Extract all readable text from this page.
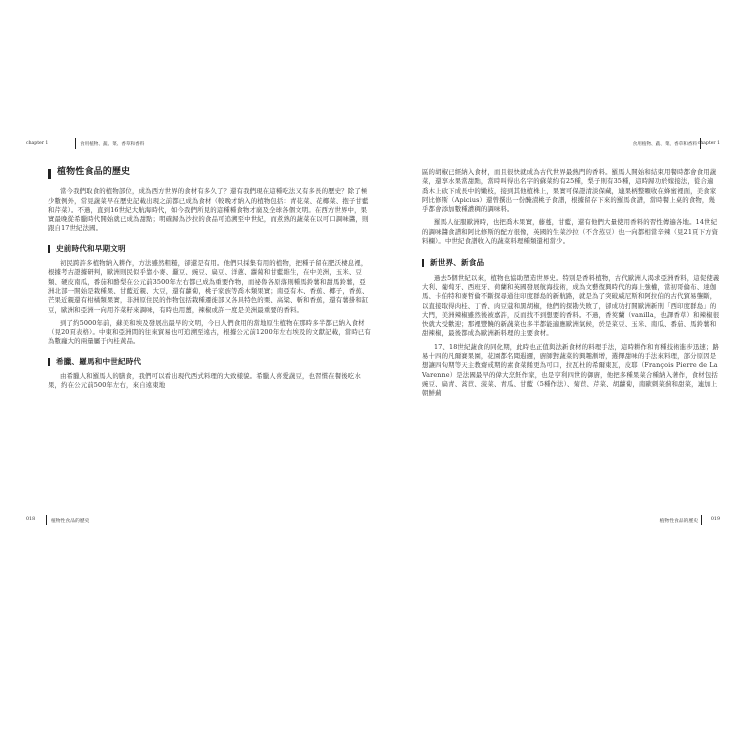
chapter 1	食用植物、蔬、菜、香草和香料
植物性食品的歷史

當今我們取食的植物部位，成為西方世界的食材有多久了？還有我們現在這種吃法又有多長的歷史？除了極少數例外，常見蔬菜早在歷史記載出現之前都已成為食材（較晚才納入的植物包括：青花菜、花椰菜、抱子甘藍和芹菜）。不過，直到16世紀大航海時代，如今我們所見的這種種食物才廣及全球各個文明。在西方世界中，果實最晚從希臘時代開始就已成為甜點；明確歸為沙拉的食品可追溯至中世紀，而煮熟的蔬菜在以可口調味醬，則跟自17世紀法國。

史前時代和早期文明

初民跨許多植物納入耕作，方法雖然粗糙，卻還是有用。他們只採集有用的植物，把種子留在肥沃棲息裡，根據考古證據研判，歐洲則民似乎靠小麥、蠶豆、豌豆、扁豆、洋蔥、蘿蔔和甘藍維生，在中美洲，玉米、豆類、硬皮南瓜，番茄和酪梨在公元前3500年左右都已成為重要作物，而祕魯各原落則種馬鈴薯和甜馬鈴薯，亞洲北部一開始是栽種果、甘藍近親、大豆，還有蘿蔔，桃子家族等喬木類果實；南亞有木、香蕉、椰子，香蕉、芒果近親還有柑橘類果實，非洲原住民的作物包括栽種遷徙部又各具特色的栗、高粱、斬和香蕉，還有薯掛和缸豆，歐洲和亞洲一向用芥菜籽來調味，有時也用薑，辣椒或許一度是美洲最重要的香料。

到了約5000年前，蘇美和埃及發展出最早的文明，今日人們食用的當地原生植物在那時多半都已納入食材（見20頁表格）。中東和亞洲間的往來貿易也可追溯至遠古，根據公元前1200年左右埃及的文獻記載，當時已有為數龐大的兩量屬于內桂黃品。

希臘、羅馬和中世紀時代

由希臘人和羅馬人的膳食，我們可以看出現代西式料理的大致樣貌。希臘人喜愛蔬豆，也習慣在餐後吃水果，約在公元前500年左右，來自遠東地

018	植物性食品的歷史
食用植物、蔬、菜、香草和香料 chapter 1

區的胡椒已經納入食材，而且很快就成為古代世界最熱門的香料。羅馬人開始和結束用餐時都會食用蔬菜，還享水果當甜點，當時叫得出名字的蘇菜約有25種，梨子則有35種，這時歸功於嫁接法，從合適喬木上砍下成長中的嫩枝，接到其他植株上，果實可保證清淡保藏，連果柄整顆收在蜂蜜裡面，美食家阿比修斯（Apicius）還曾撰出一份醃漬桃子食譜，根據留存下來的羅馬食譜，當時餐上桌的食物，幾乎都會添加數種濃稠的調味料。

羅馬人征服歐洲時，也把喬木果實，藤蔓，甘藍，還有他們大量使用香料的習性傳遍各地。14世紀的調味醬食譜和阿比修斯的配方很像，英國的生菜沙拉（不含蒸豆）也一向都相當辛辣（見21頁下方資料欄）。中世紀食譜收入的蔬菜料理種類還相當少。

新世界、新食品

過去5個世紀以來，植物也協助塑造世界史。特別是香料植物，古代歐洲人渴求亞洲香料，這促使義大利、葡萄牙、西班牙、荷蘭和英國發展航海技術，成為文藝復興時代的海上強權，當初哥倫布、達伽馬、卡伯特和麥哲倫不斷探尋通往印度群島的新航路，就是為了突破威尼斯和阿拉伯的古代貿易壟斷，以直接取得肉桂、丁香、肉豆蔻和黑胡椒，他們的探勘失敗了，卻成功打開歐洲新刑「西印度群島」的大門，美洲辣椒雖然後被嘉許，反而找不到想要的香料。不過，香莢蘭（vanilla，也譯香草）和辣椒很快就大受歡迎；那裡豐饒的新蔬菜也多半都能適應歐洲氣候，於是菜豆、玉米、南瓜、番茄、馬鈴薯和甜辣椒，最後都成為歐洲新料理的主要食材。

17、18世紀蔬食的同化期，此時也正值與法新食材的料理手法，這時耕作和育種技術進步迅速；路易十四的凡爾賽果園，花園都名聞遐邇，廚師對蔬菜的興趣漸增，選擇甜味的手法來料理，部分原因是想讓四旬期等天主教齋戒期的素食菜餚更為可口，拉瓦杜的希爾東瓦，皮耶（François Pierre de La Varenne）是法國最早的偉大烹飪作家，也是亨利四世的御廚，他把多種果菜合種納入著作，食材包括豌豆、扁青、蒿苣、菠菜、青瓜、甘藍（5種作法）、菊苣、芹菜、胡蘿蔔，南歐刺菜蓟和甜菜，連加上朝鮮薊

植物性食品的歷史	019
